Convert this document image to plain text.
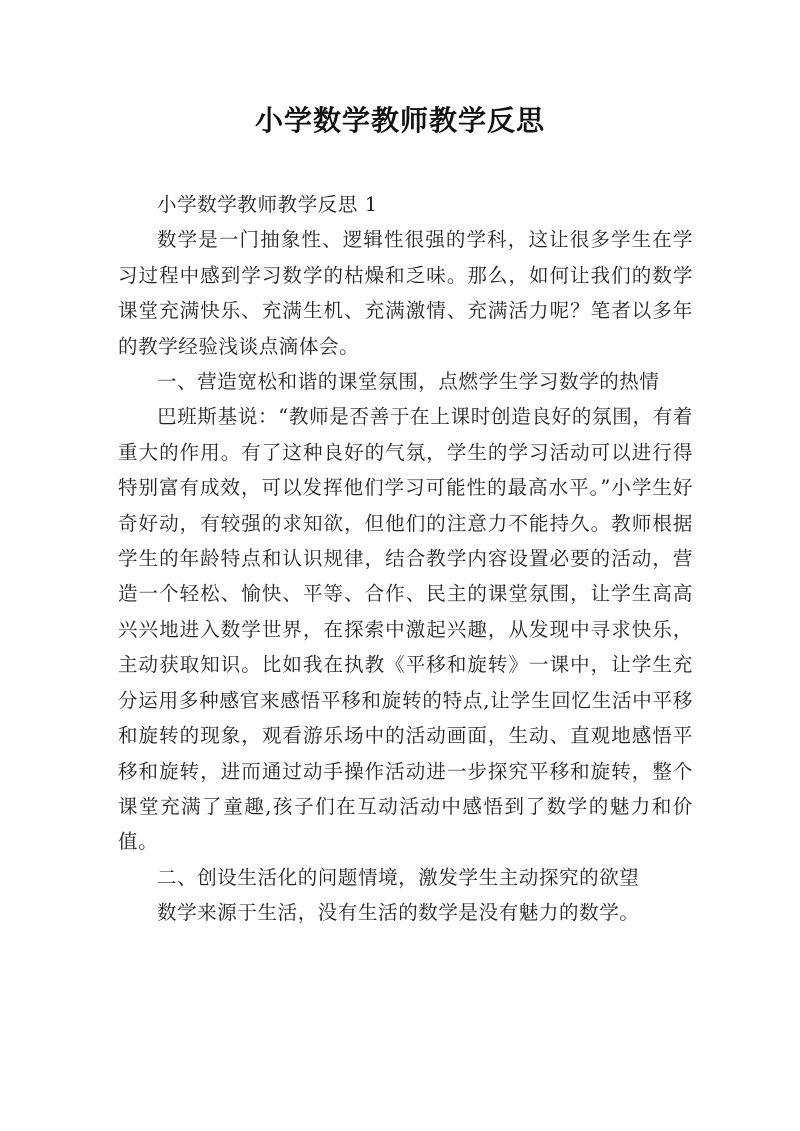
小学数学教师教学反思

小学数学教师教学反思 1

数学是一门抽象性、逻辑性很强的学科，这让很多学生在学习过程中感到学习数学的枯燥和乏味。那么，如何让我们的数学课堂充满快乐、充满生机、充满激情、充满活力呢？笔者以多年的教学经验浅谈点滴体会。

一、营造宽松和谐的课堂氛围，点燃学生学习数学的热情

巴班斯基说：“教师是否善于在上课时创造良好的氛围，有着重大的作用。有了这种良好的气氛，学生的学习活动可以进行得特别富有成效，可以发挥他们学习可能性的最高水平。”小学生好奇好动，有较强的求知欲，但他们的注意力不能持久。教师根据学生的年龄特点和认识规律，结合教学内容设置必要的活动，营造一个轻松、愉快、平等、合作、民主的课堂氛围，让学生高高兴兴地进入数学世界，在探索中激起兴趣，从发现中寻求快乐，主动获取知识。比如我在执教《平移和旋转》一课中，让学生充分运用多种感官来感悟平移和旋转的特点,让学生回忆生活中平移和旋转的现象，观看游乐场中的活动画面，生动、直观地感悟平移和旋转，进而通过动手操作活动进一步探究平移和旋转，整个课堂充满了童趣,孩子们在互动活动中感悟到了数学的魅力和价值。

二、创设生活化的问题情境，激发学生主动探究的欲望

数学来源于生活，没有生活的数学是没有魅力的数学。
